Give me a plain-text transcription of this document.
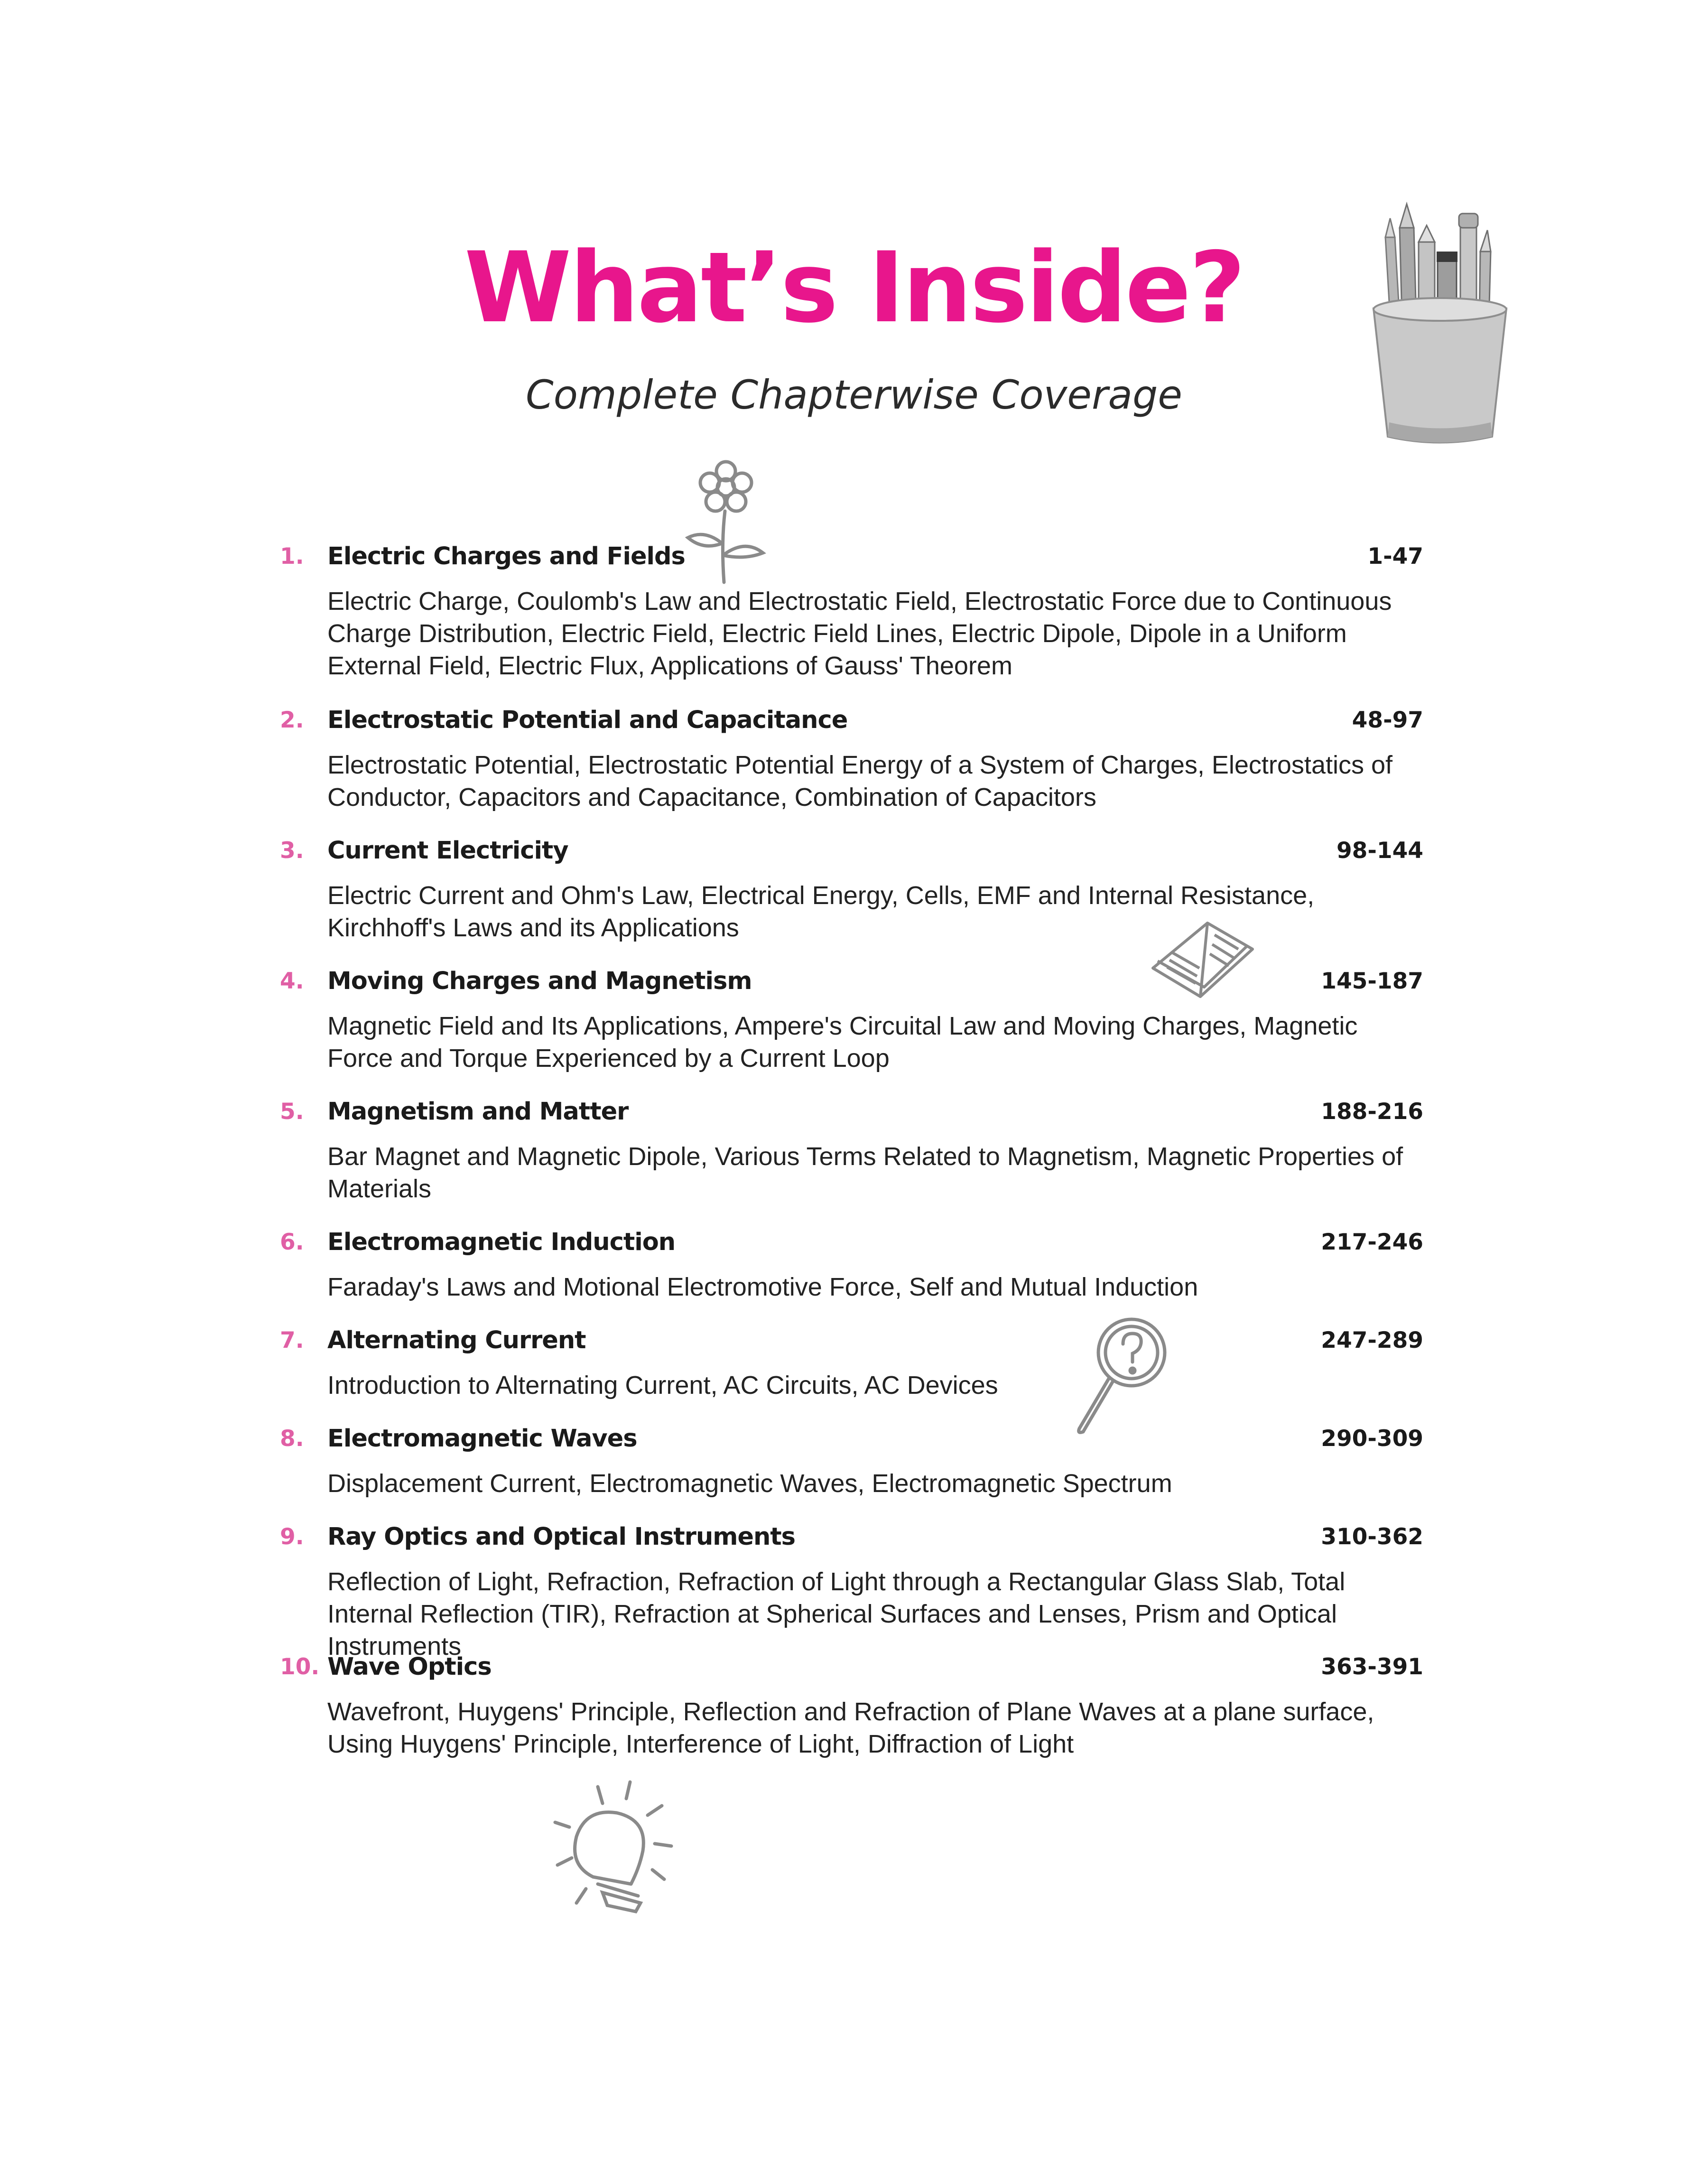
What’s Inside?
Complete Chapterwise Coverage
1. Electric Charges and Fields	1-47
Electric Charge, Coulomb's Law and Electrostatic Field, Electrostatic Force due to Continuous Charge Distribution, Electric Field, Electric Field Lines, Electric Dipole, Dipole in a Uniform External Field, Electric Flux, Applications of Gauss' Theorem
2. Electrostatic Potential and Capacitance	48-97
Electrostatic Potential, Electrostatic Potential Energy of a System of Charges, Electrostatics of Conductor, Capacitors and Capacitance, Combination of Capacitors
3. Current Electricity	98-144
Electric Current and Ohm's Law, Electrical Energy, Cells, EMF and Internal Resistance, Kirchhoff's Laws and its Applications
4. Moving Charges and Magnetism	145-187
Magnetic Field and Its Applications, Ampere's Circuital Law and Moving Charges, Magnetic Force and Torque Experienced by a Current Loop
5. Magnetism and Matter	188-216
Bar Magnet and Magnetic Dipole, Various Terms Related to Magnetism, Magnetic Properties of Materials
6. Electromagnetic Induction	217-246
Faraday's Laws and Motional Electromotive Force, Self and Mutual Induction
7. Alternating Current	247-289
Introduction to Alternating Current, AC Circuits, AC Devices
8. Electromagnetic Waves	290-309
Displacement Current, Electromagnetic Waves, Electromagnetic Spectrum
9. Ray Optics and Optical Instruments	310-362
Reflection of Light, Refraction, Refraction of Light through a Rectangular Glass Slab, Total Internal Reflection (TIR), Refraction at Spherical Surfaces and Lenses, Prism and Optical Instruments
10. Wave Optics	363-391
Wavefront, Huygens' Principle, Reflection and Refraction of Plane Waves at a plane surface, Using Huygens' Principle, Interference of Light, Diffraction of Light
